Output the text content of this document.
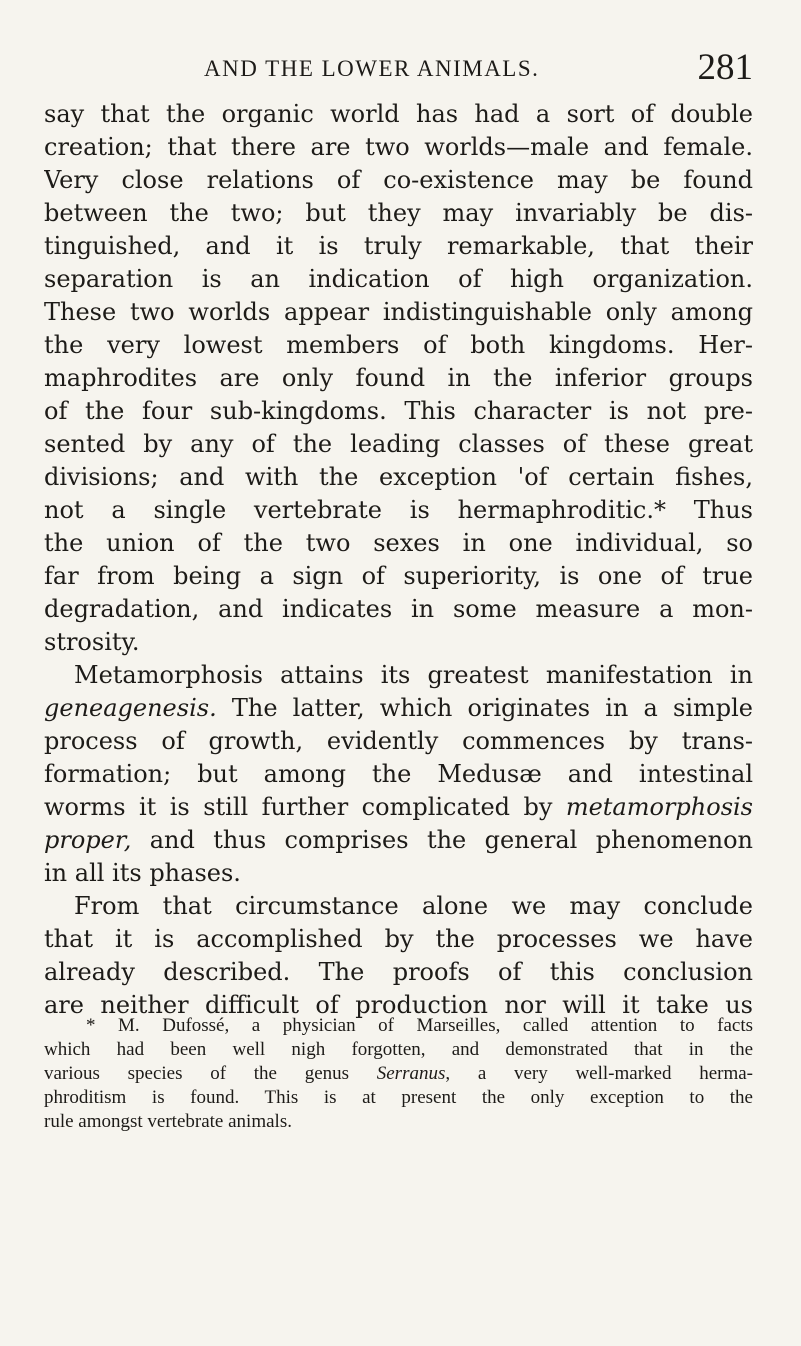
AND THE LOWER ANIMALS.	281
say that the organic world has had a sort of double
creation; that there are two worlds—male and female.
Very close relations of co-existence may be found
between the two; but they may invariably be dis-
tinguished, and it is truly remarkable, that their
separation is an indication of high organization.
These two worlds appear indistinguishable only among
the very lowest members of both kingdoms. Her-
maphrodites are only found in the inferior groups
of the four sub-kingdoms. This character is not pre-
sented by any of the leading classes of these great
divisions; and with the exception 'of certain fishes,
not a single vertebrate is hermaphroditic.* Thus
the union of the two sexes in one individual, so
far from being a sign of superiority, is one of true
degradation, and indicates in some measure a mon-
strosity.
Metamorphosis attains its greatest manifestation in
geneagenesis. The latter, which originates in a simple
process of growth, evidently commences by trans-
formation; but among the Medusæ and intestinal
worms it is still further complicated by metamorphosis
proper, and thus comprises the general phenomenon
in all its phases.
From that circumstance alone we may conclude
that it is accomplished by the processes we have
already described. The proofs of this conclusion
are neither difficult of production nor will it take us
* M. Dufossé, a physician of Marseilles, called attention to facts
which had been well nigh forgotten, and demonstrated that in the
various species of the genus Serranus, a very well-marked herma-
phroditism is found. This is at present the only exception to the
rule amongst vertebrate animals.
